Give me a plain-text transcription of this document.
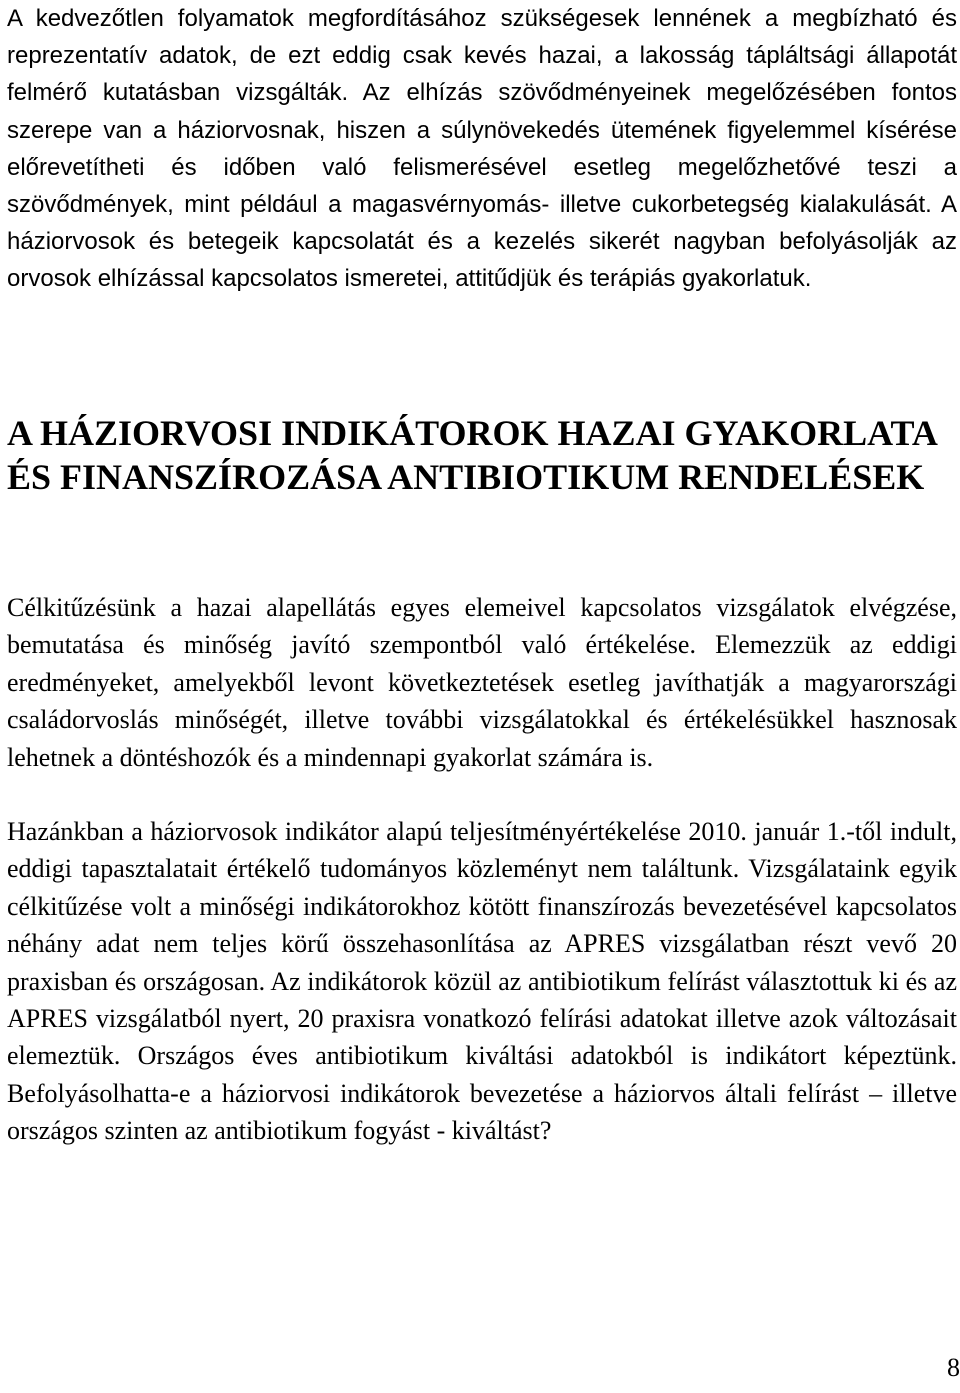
A kedvezőtlen folyamatok megfordításához szükségesek lennének a megbízható és reprezentatív adatok, de ezt eddig csak kevés hazai, a lakosság tápláltsági állapotát felmérő kutatásban vizsgálták. Az elhízás szövődményeinek megelőzésében fontos szerepe van a háziorvosnak, hiszen a súlynövekedés ütemének figyelemmel kísérése előrevetítheti és időben való felismerésével esetleg megelőzhetővé teszi a szövődmények, mint például a magasvérnyomás- illetve cukorbetegség kialakulását. A háziorvosok és betegeik kapcsolatát és a kezelés sikerét nagyban befolyásolják az orvosok elhízással kapcsolatos ismeretei, attitűdjük és terápiás gyakorlatuk.

A HÁZIORVOSI INDIKÁTOROK HAZAI GYAKORLATA ÉS FINANSZÍROZÁSA ANTIBIOTIKUM RENDELÉSEK

Célkitűzésünk a hazai alapellátás egyes elemeivel kapcsolatos vizsgálatok elvégzése, bemutatása és minőség javító szempontból való értékelése. Elemezzük az eddigi eredményeket, amelyekből levont következtetések esetleg javíthatják a magyarországi családorvoslás minőségét, illetve további vizsgálatokkal és értékelésükkel hasznosak lehetnek a döntéshozók és a mindennapi gyakorlat számára is.

Hazánkban a háziorvosok indikátor alapú teljesítményértékelése 2010. január 1.-től indult, eddigi tapasztalatait értékelő tudományos közleményt nem találtunk. Vizsgálataink egyik célkitűzése volt a minőségi indikátorokhoz kötött finanszírozás bevezetésével kapcsolatos néhány adat nem teljes körű összehasonlítása az APRES vizsgálatban részt vevő 20 praxisban és országosan. Az indikátorok közül az antibiotikum felírást választottuk ki és az APRES vizsgálatból nyert, 20 praxisra vonatkozó felírási adatokat illetve azok változásait elemeztük. Országos éves antibiotikum kiváltási adatokból is indikátort képeztünk. Befolyásolhatta-e a háziorvosi indikátorok bevezetése a háziorvos általi felírást – illetve országos szinten az antibiotikum fogyást - kiváltást?

8
